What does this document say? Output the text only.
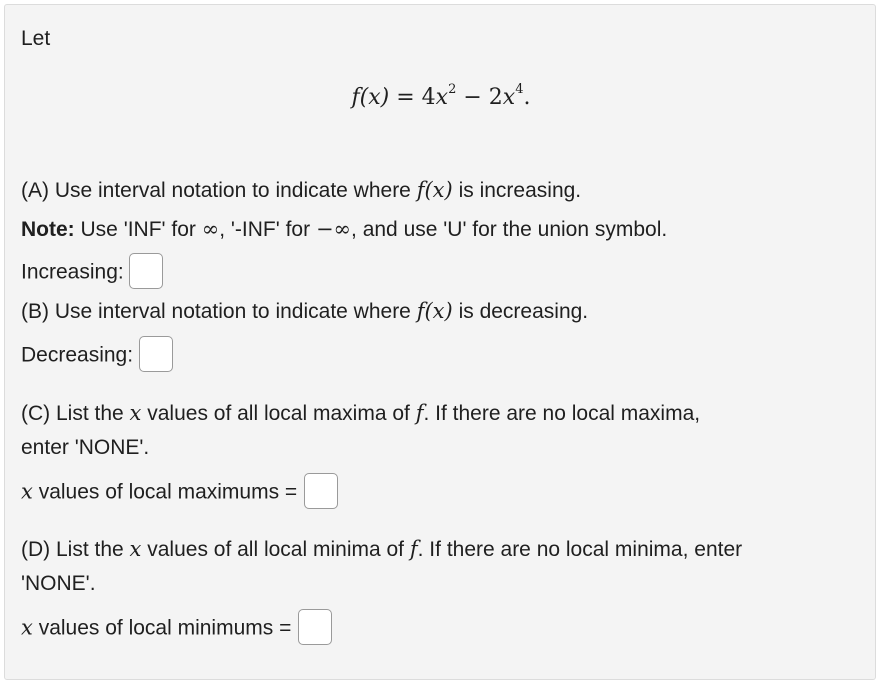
Let
$f(x) = 4x^2 - 2x^4$.
(A) Use interval notation to indicate where f(x) is increasing.
Note: Use 'INF' for ∞, '-INF' for −∞, and use 'U' for the union symbol.
Increasing:
(B) Use interval notation to indicate where f(x) is decreasing.
Decreasing:
(C) List the x values of all local maxima of f. If there are no local maxima,
enter 'NONE'.
x values of local maximums =
(D) List the x values of all local minima of f. If there are no local minima, enter
'NONE'.
x values of local minimums =
